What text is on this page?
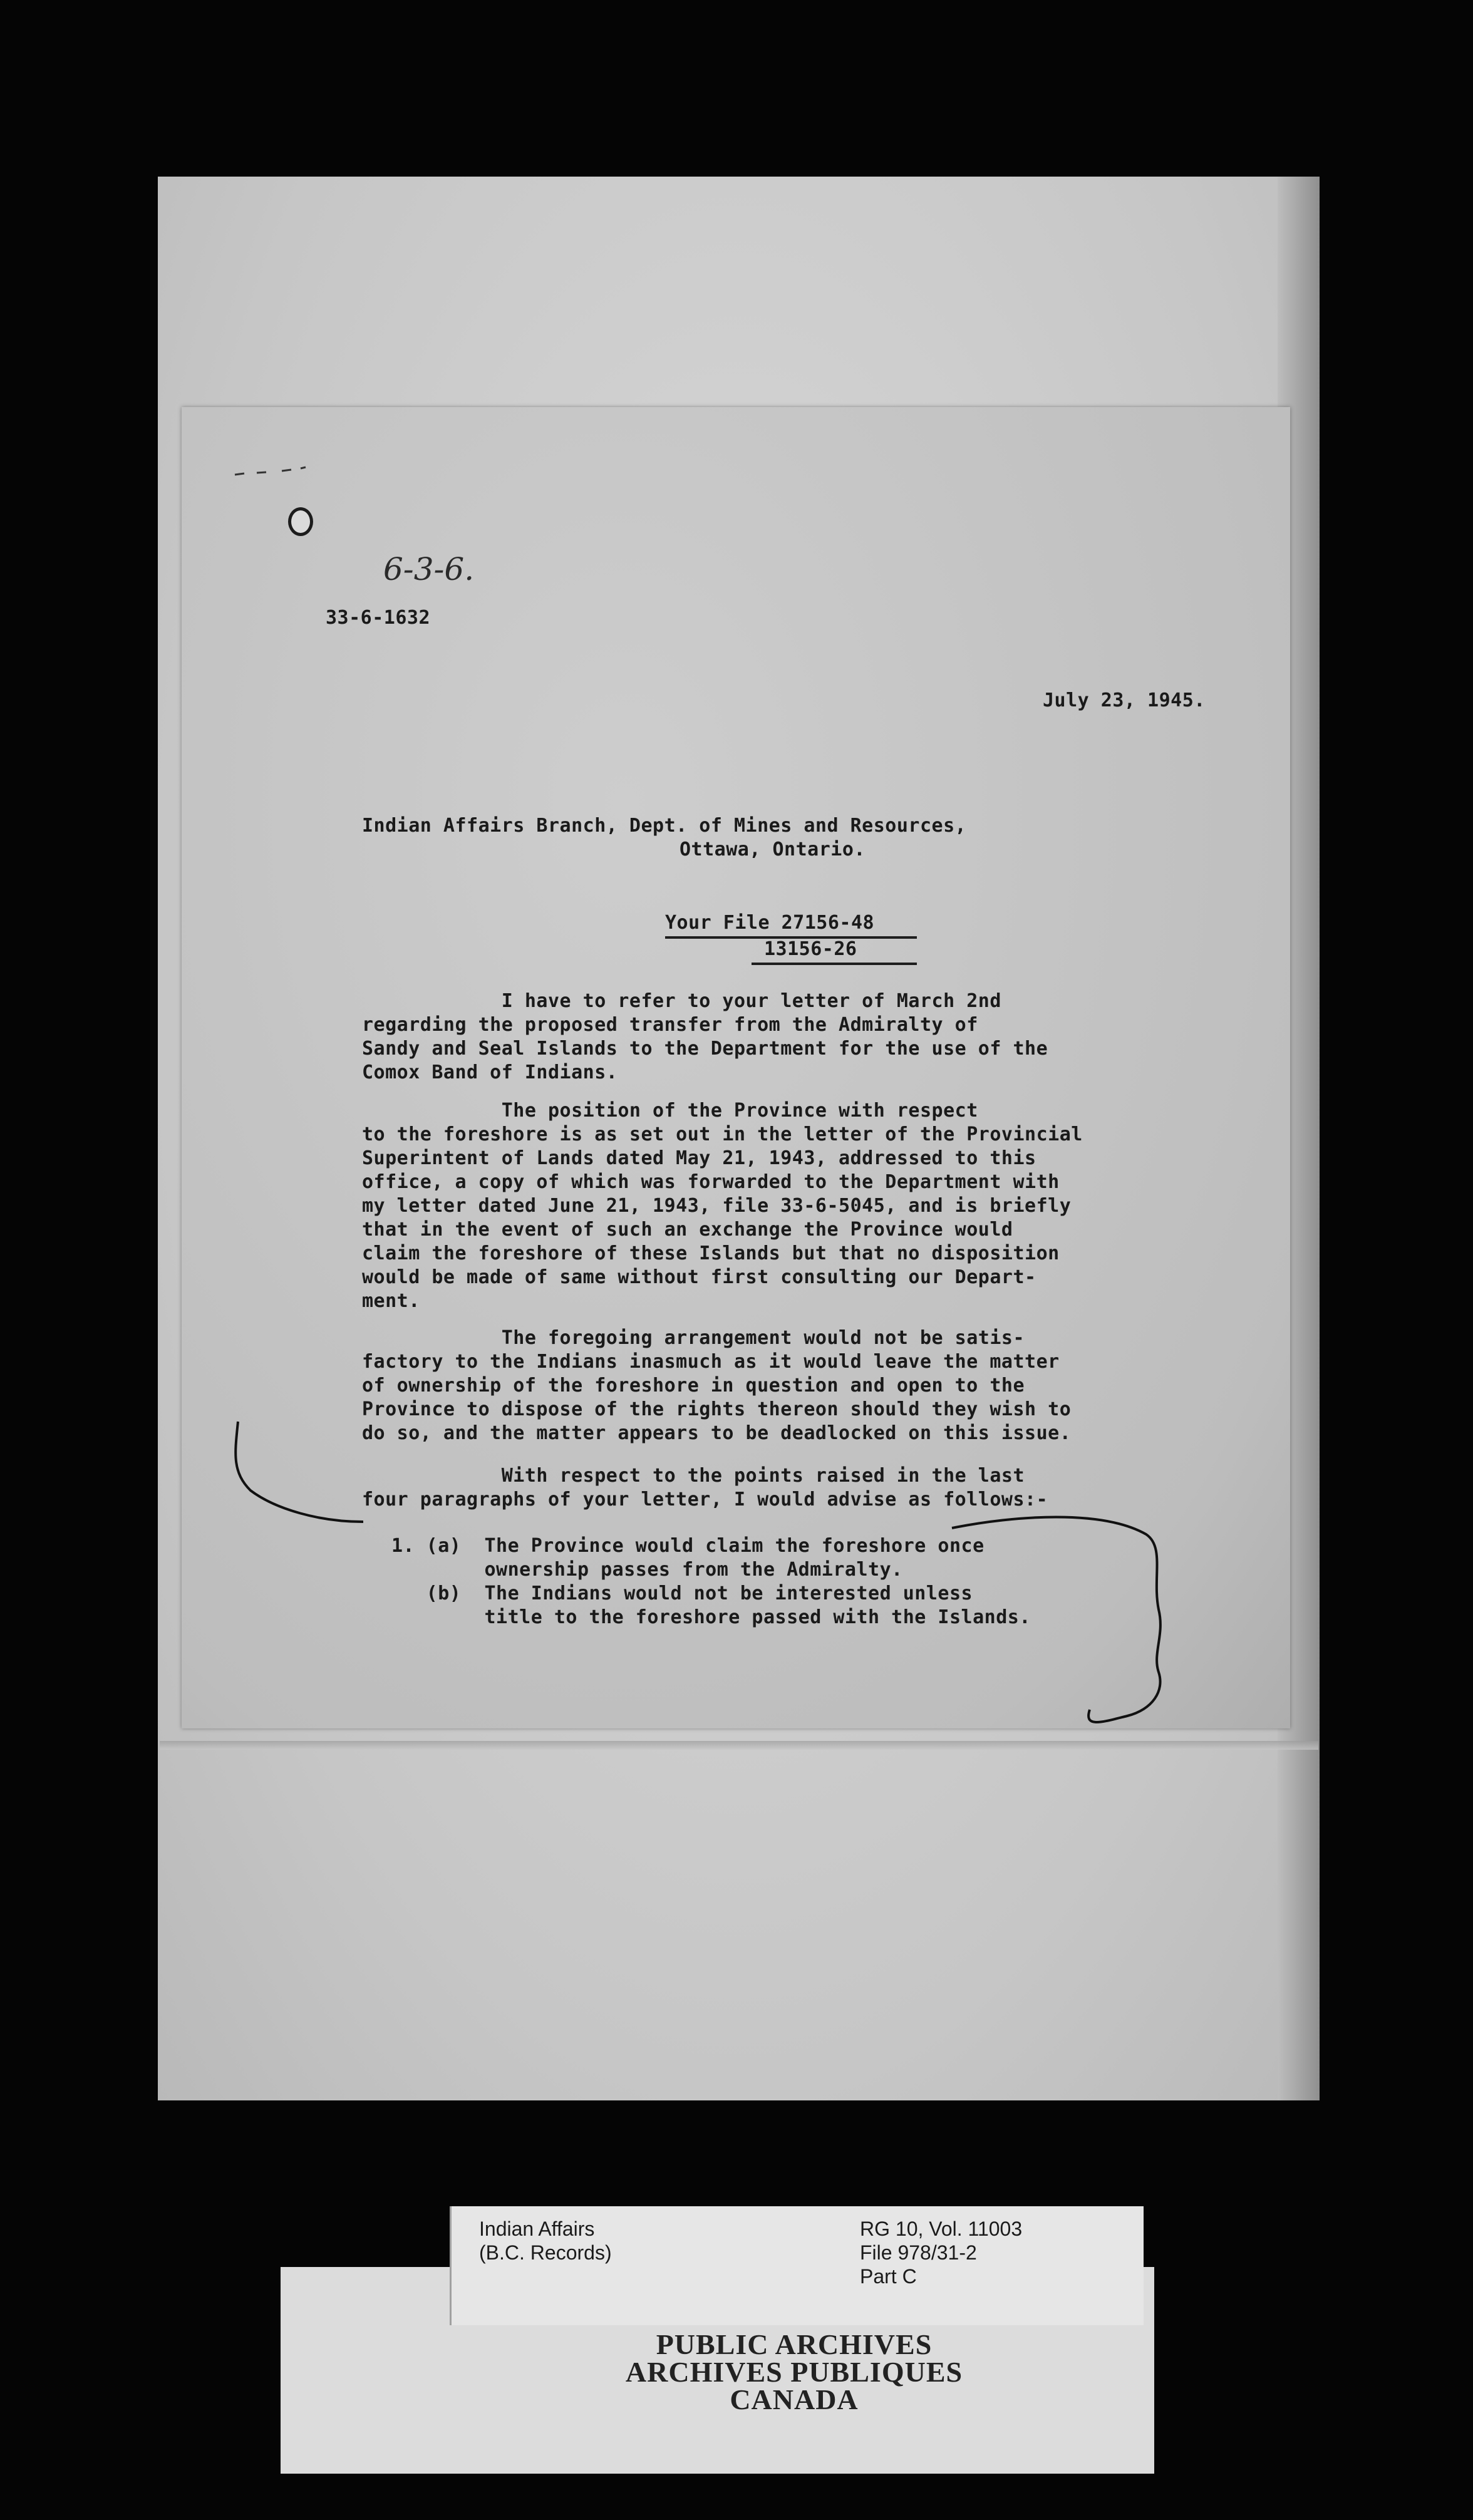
6-3-6.
33-6-1632
July 23, 1945.
Indian Affairs Branch, Dept. of Mines and Resources,
Ottawa, Ontario.
Your File 27156-48
13156-26
I have to refer to your letter of March 2nd
regarding the proposed transfer from the Admiralty of
Sandy and Seal Islands to the Department for the use of the
Comox Band of Indians.
The position of the Province with respect
to the foreshore is as set out in the letter of the Provincial
Superintent of Lands dated May 21, 1943, addressed to this
office, a copy of which was forwarded to the Department with
my letter dated June 21, 1943, file 33-6-5045, and is briefly
that in the event of such an exchange the Province would
claim the foreshore of these Islands but that no disposition
would be made of same without first consulting our Depart-
ment.
The foregoing arrangement would not be satis-
factory to the Indians inasmuch as it would leave the matter
of ownership of the foreshore in question and open to the
Province to dispose of the rights thereon should they wish to
do so, and the matter appears to be deadlocked on this issue.
With respect to the points raised in the last
four paragraphs of your letter, I would advise as follows:-
1. (a)  The Province would claim the foreshore once
ownership passes from the Admiralty.
(b)  The Indians would not be interested unless
title to the foreshore passed with the Islands.
Indian Affairs
(B.C. Records)
RG 10, Vol. 11003
File 978/31-2
Part C
PUBLIC ARCHIVES
ARCHIVES PUBLIQUES
CANADA
